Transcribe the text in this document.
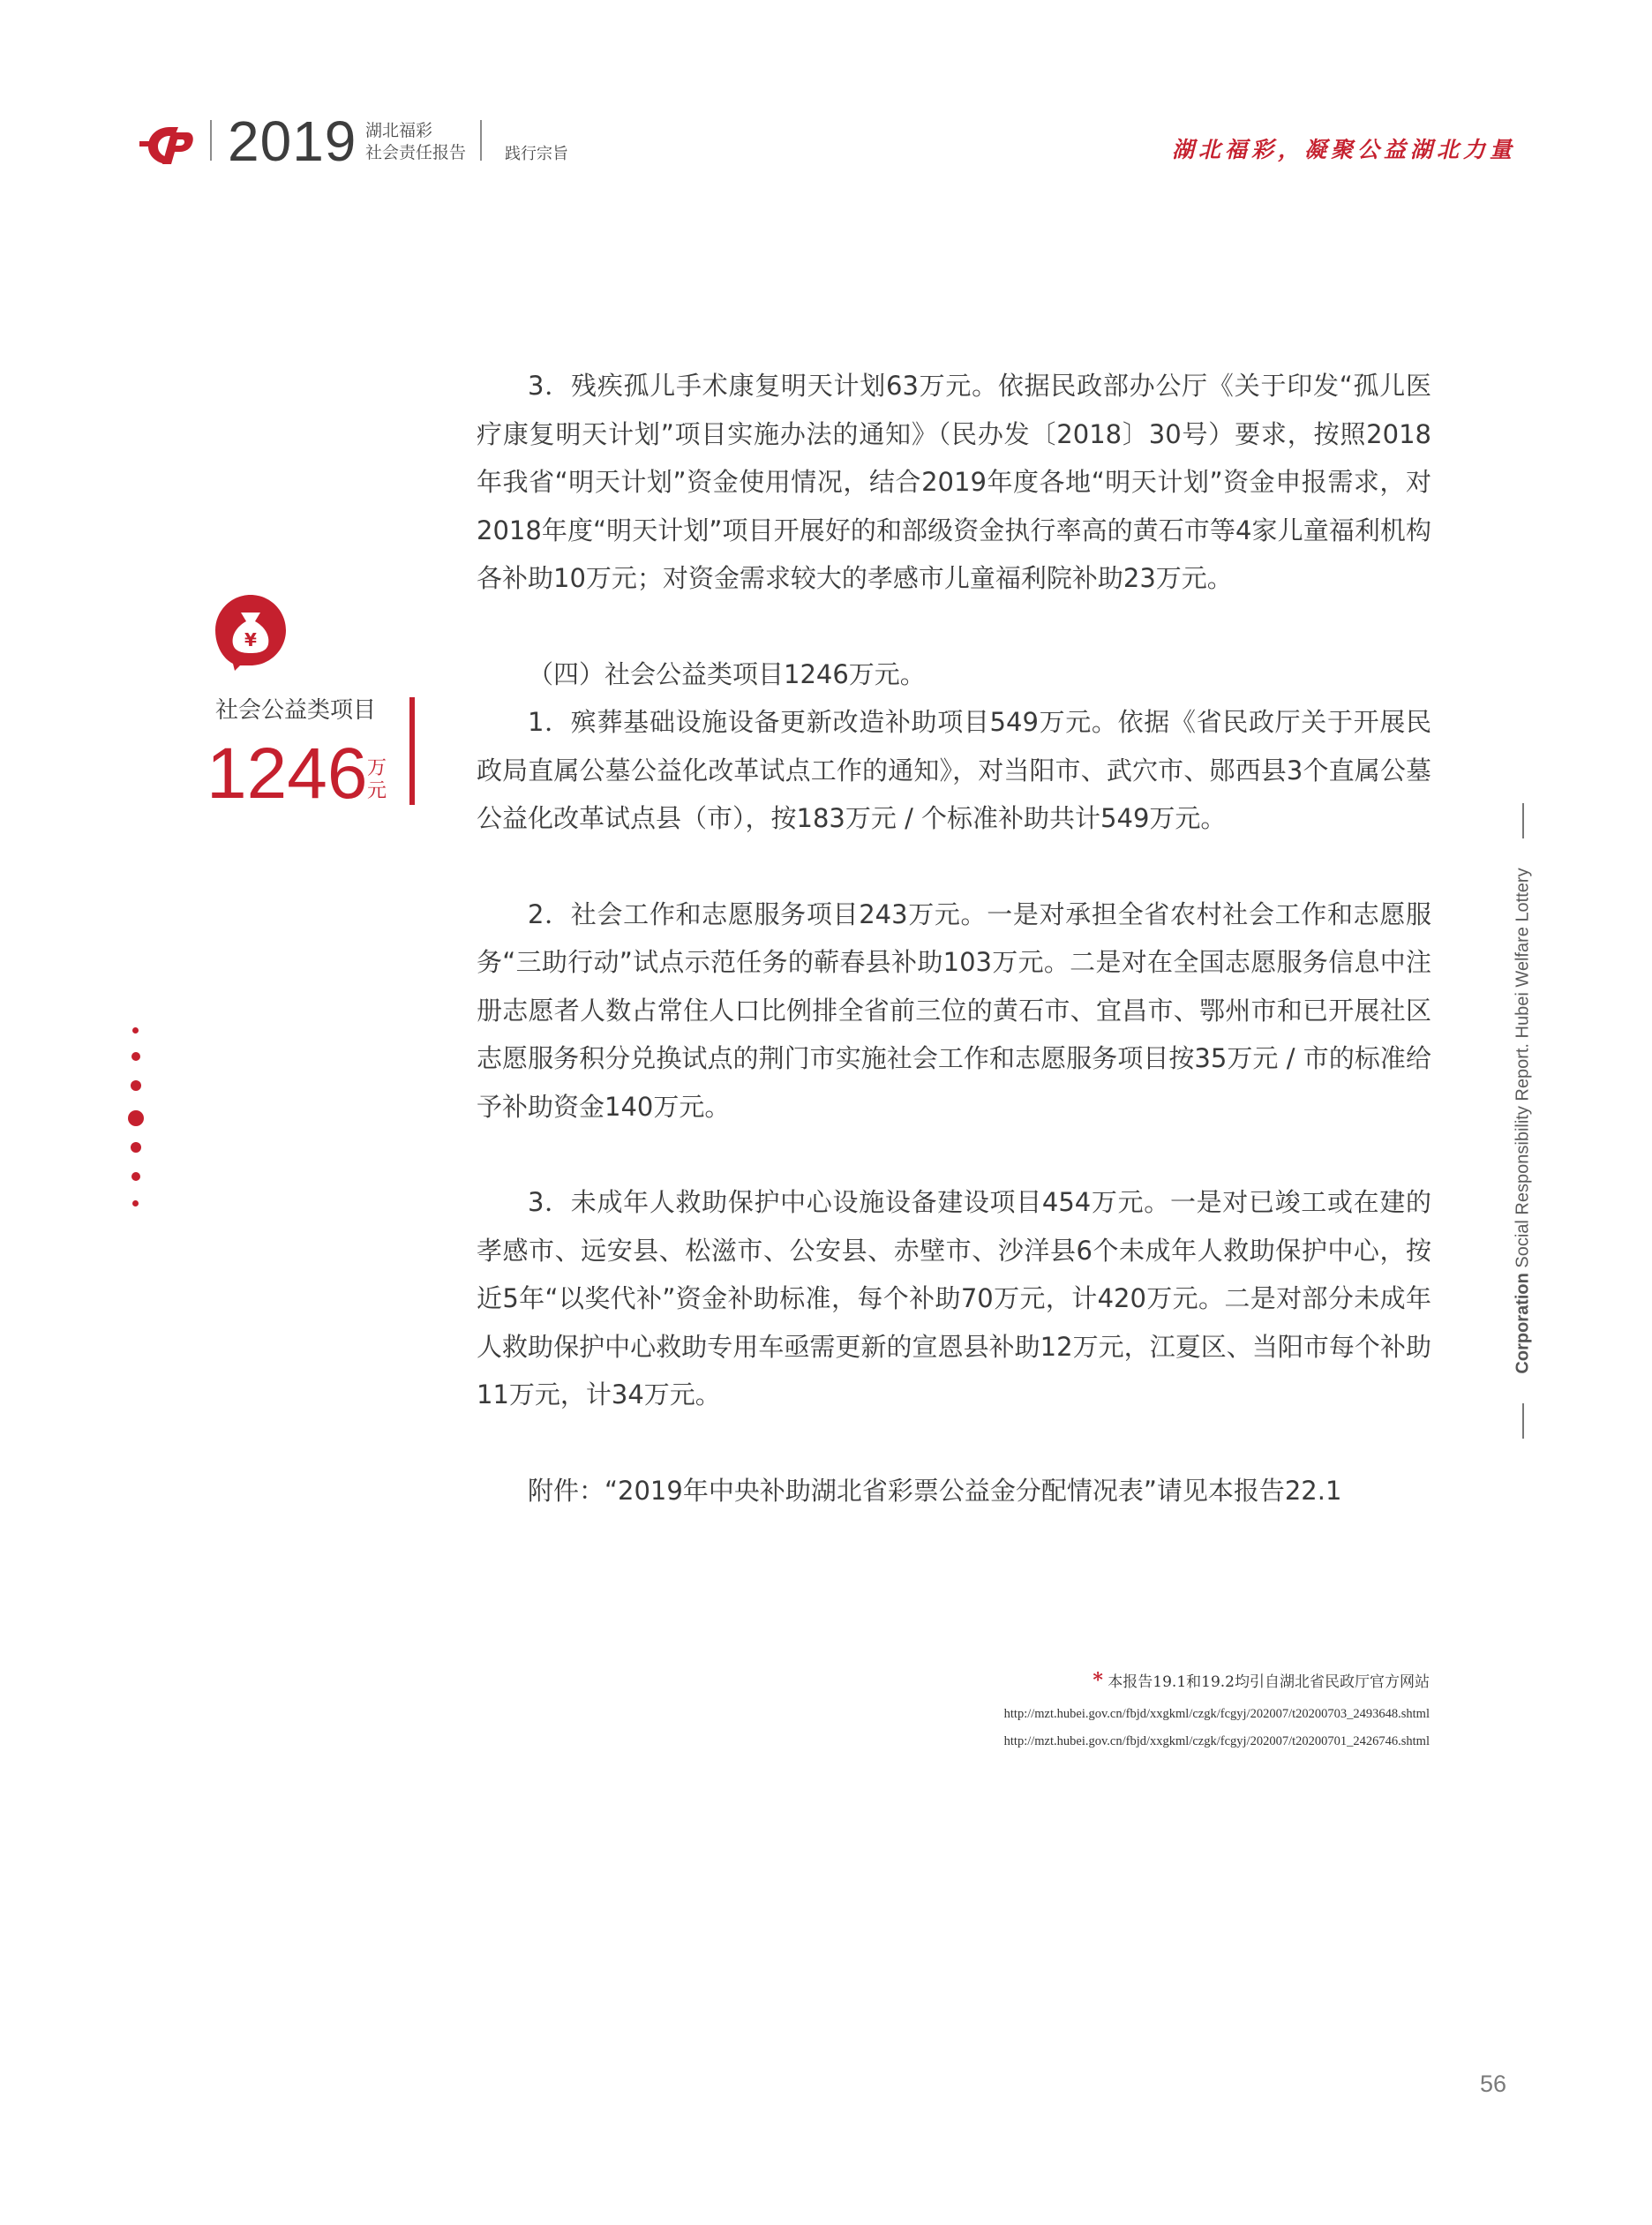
2019 湖北福彩
社会责任报告 践行宗旨	湖北福彩，凝聚公益湖北力量
¥
社会公益类项目
1246 万
元

3．残疾孤儿手术康复明天计划63万元。依据民政部办公厅《关于印发“孤儿医疗康复明天计划”项目实施办法的通知》（民办发〔2018〕30号）要求，按照2018年我省“明天计划”资金使用情况，结合2019年度各地“明天计划”资金申报需求，对2018年度“明天计划”项目开展好的和部级资金执行率高的黄石市等4家儿童福利机构各补助10万元；对资金需求较大的孝感市儿童福利院补助23万元。

（四）社会公益类项目1246万元。

1．殡葬基础设施设备更新改造补助项目549万元。依据《省民政厅关于开展民政局直属公墓公益化改革试点工作的通知》，对当阳市、武穴市、郧西县3个直属公墓公益化改革试点县（市），按183万元 / 个标准补助共计549万元。

2．社会工作和志愿服务项目243万元。一是对承担全省农村社会工作和志愿服务“三助行动”试点示范任务的蕲春县补助103万元。二是对在全国志愿服务信息中注册志愿者人数占常住人口比例排全省前三位的黄石市、宜昌市、鄂州市和已开展社区志愿服务积分兑换试点的荆门市实施社会工作和志愿服务项目按35万元 / 市的标准给予补助资金140万元。

3．未成年人救助保护中心设施设备建设项目454万元。一是对已竣工或在建的孝感市、远安县、松滋市、公安县、赤壁市、沙洋县6个未成年人救助保护中心，按近5年“以奖代补”资金补助标准，每个补助70万元，计420万元。二是对部分未成年人救助保护中心救助专用车亟需更新的宣恩县补助12万元，江夏区、当阳市每个补助11万元，计34万元。

附件：“2019年中央补助湖北省彩票公益金分配情况表”请见本报告22.1

* 本报告19.1和19.2均引自湖北省民政厅官方网站
http://mzt.hubei.gov.cn/fbjd/xxgkml/czgk/fcgyj/202007/t20200703_2493648.shtml
http://mzt.hubei.gov.cn/fbjd/xxgkml/czgk/fcgyj/202007/t20200701_2426746.shtml
Corporation Social Responsibility Report. Hubei Welfare Lottery
56
